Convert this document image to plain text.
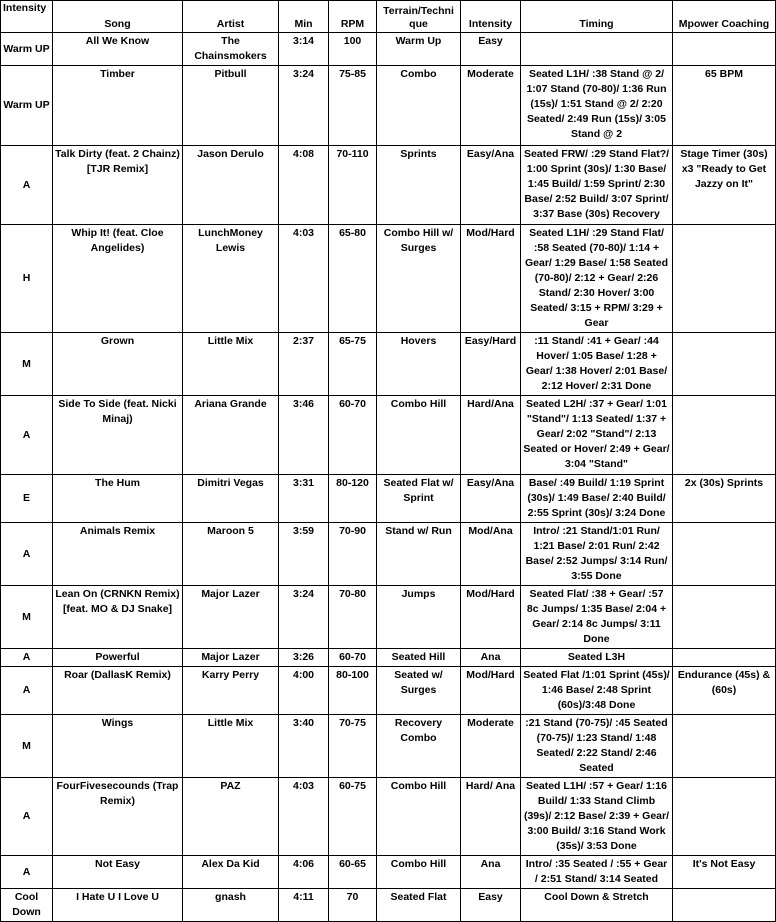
Intensity	Song	Artist	Min	RPM	Terrain/Techni que	Intensity	Timing	Mpower Coaching
Warm UP	All We Know	The Chainsmokers	3:14	100	Warm Up	Easy		
Warm UP	Timber	Pitbull	3:24	75-85	Combo	Moderate	Seated L1H/ :38 Stand @ 2/ 1:07 Stand (70-80)/ 1:36 Run (15s)/ 1:51 Stand @ 2/ 2:20 Seated/ 2:49 Run (15s)/ 3:05 Stand @ 2	65 BPM
A	Talk Dirty (feat. 2 Chainz) [TJR Remix]	Jason Derulo	4:08	70-110	Sprints	Easy/Ana	Seated FRW/ :29 Stand Flat?/ 1:00 Sprint (30s)/ 1:30 Base/ 1:45 Build/ 1:59 Sprint/ 2:30 Base/ 2:52 Build/ 3:07 Sprint/ 3:37 Base (30s) Recovery	Stage Timer (30s) x3 "Ready to Get Jazzy on It"
H	Whip It! (feat. Cloe Angelides)	LunchMoney Lewis	4:03	65-80	Combo Hill w/ Surges	Mod/Hard	Seated L1H/ :29 Stand Flat/ :58 Seated (70-80)/ 1:14 + Gear/ 1:29 Base/ 1:58 Seated (70-80)/ 2:12 + Gear/ 2:26 Stand/ 2:30 Hover/ 3:00 Seated/ 3:15 + RPM/ 3:29 + Gear	
M	Grown	Little Mix	2:37	65-75	Hovers	Easy/Hard	:11 Stand/ :41 + Gear/ :44 Hover/ 1:05 Base/ 1:28 + Gear/ 1:38 Hover/ 2:01 Base/ 2:12 Hover/ 2:31 Done	
A	Side To Side (feat. Nicki Minaj)	Ariana Grande	3:46	60-70	Combo Hill	Hard/Ana	Seated L2H/ :37 + Gear/ 1:01 "Stand"/ 1:13 Seated/ 1:37 + Gear/ 2:02 "Stand"/ 2:13 Seated or Hover/ 2:49 + Gear/ 3:04 "Stand"	
E	The Hum	Dimitri Vegas	3:31	80-120	Seated Flat w/ Sprint	Easy/Ana	Base/ :49 Build/ 1:19 Sprint (30s)/ 1:49 Base/ 2:40 Build/ 2:55 Sprint (30s)/ 3:24 Done	2x (30s) Sprints
A	Animals Remix	Maroon 5	3:59	70-90	Stand w/ Run	Mod/Ana	Intro/ :21 Stand/1:01 Run/ 1:21 Base/ 2:01 Run/ 2:42 Base/ 2:52 Jumps/ 3:14 Run/ 3:55 Done	
M	Lean On (CRNKN Remix) [feat. MO & DJ Snake]	Major Lazer	3:24	70-80	Jumps	Mod/Hard	Seated Flat/ :38 + Gear/ :57 8c Jumps/ 1:35 Base/ 2:04 + Gear/ 2:14 8c Jumps/ 3:11 Done	
A	Powerful	Major Lazer	3:26	60-70	Seated Hill	Ana	Seated L3H	
A	Roar (DallasK Remix)	Karry Perry	4:00	80-100	Seated w/ Surges	Mod/Hard	Seated Flat /1:01 Sprint (45s)/ 1:46 Base/ 2:48 Sprint (60s)/3:48 Done	Endurance (45s) & (60s)
M	Wings	Little Mix	3:40	70-75	Recovery Combo	Moderate	:21 Stand (70-75)/ :45 Seated (70-75)/ 1:23 Stand/ 1:48 Seated/ 2:22 Stand/ 2:46 Seated	
A	FourFivesecounds (Trap Remix)	PAZ	4:03	60-75	Combo Hill	Hard/ Ana	Seated L1H/ :57 + Gear/ 1:16 Build/ 1:33 Stand Climb (39s)/ 2:12 Base/ 2:39 + Gear/ 3:00 Build/ 3:16 Stand Work (35s)/ 3:53 Done	
A	Not Easy	Alex Da Kid	4:06	60-65	Combo Hill	Ana	Intro/ :35 Seated / :55 + Gear / 2:51 Stand/ 3:14 Seated	It's Not Easy
Cool Down	I Hate U I Love U	gnash	4:11	70	Seated Flat	Easy	Cool Down & Stretch	
